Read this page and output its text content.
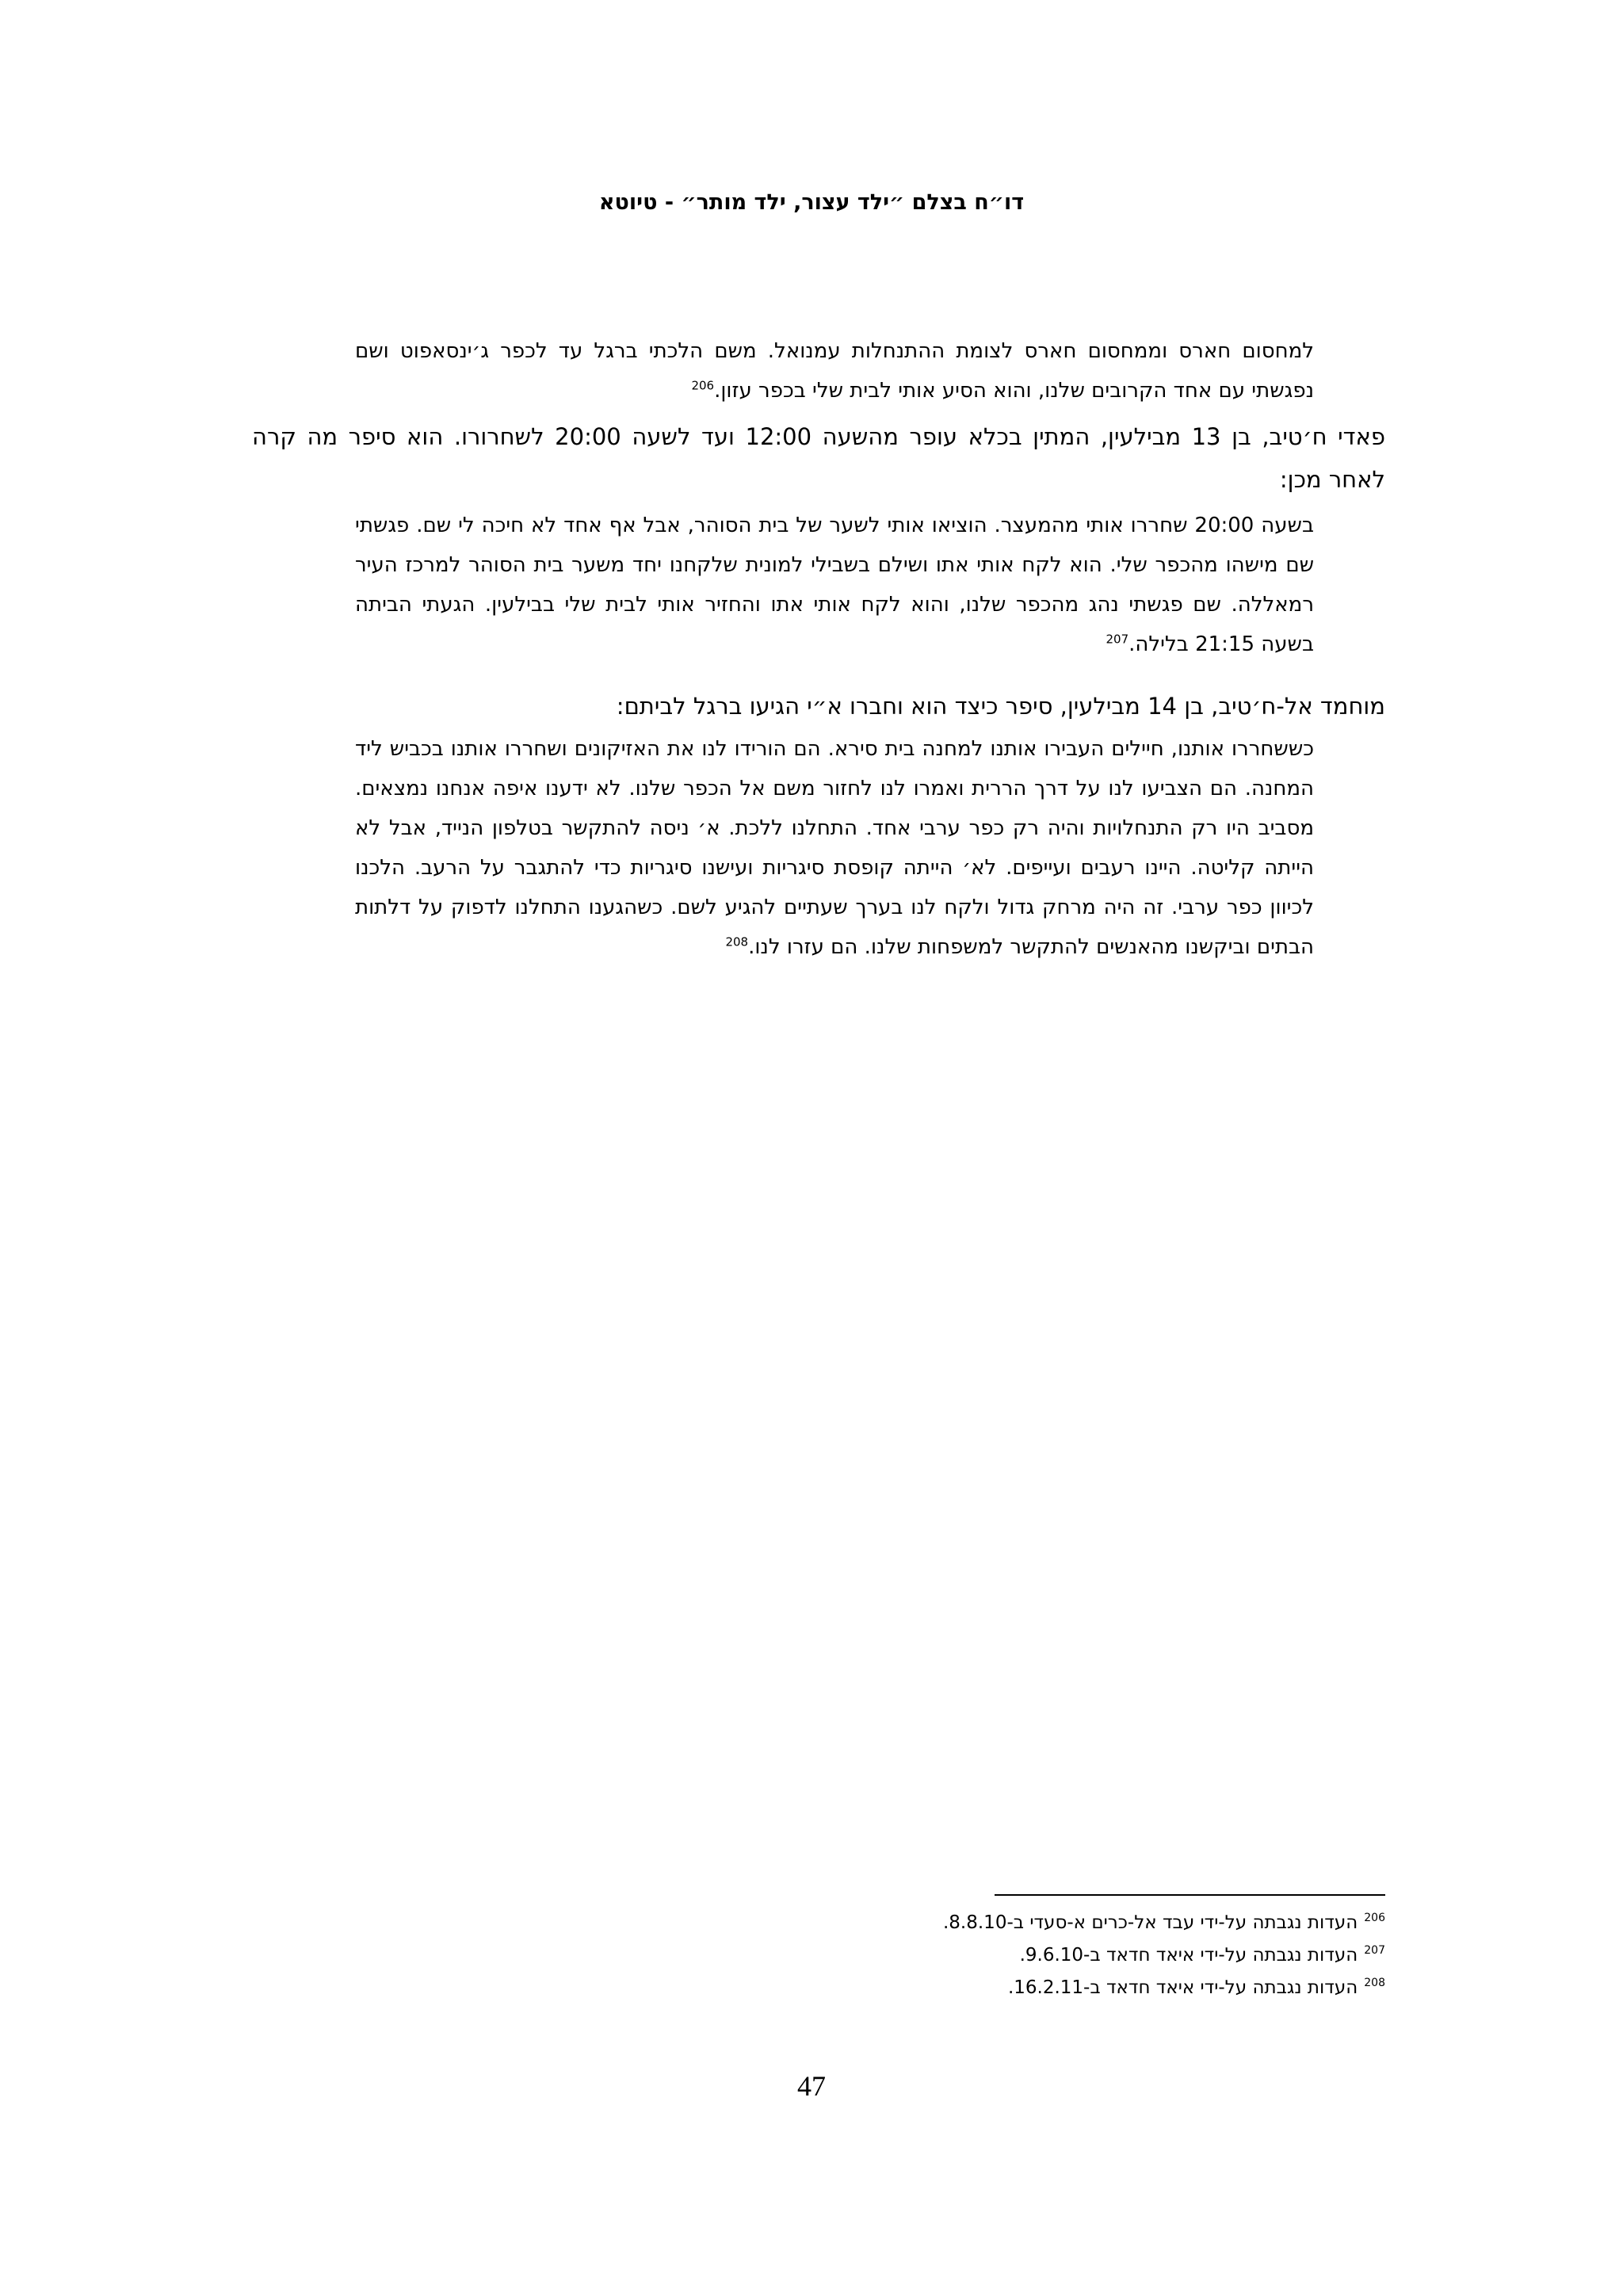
דו״ח בצלם ״ילד עצור, ילד מותר״ - טיוטא
למחסום חארס וממחסום חארס לצומת ההתנחלות עמנואל. משם הלכתי ברגל עד לכפר ג׳ינסאפוט ושם נפגשתי עם אחד הקרובים שלנו, והוא הסיע אותי לבית שלי בכפר עזון.$^{206}$
פאדי ח׳טיב, בן 13 מבילעין, המתין בכלא עופר מהשעה 12:00 ועד לשעה 20:00 לשחרורו. הוא סיפר מה קרה לאחר מכן:
בשעה 20:00 שחררו אותי מהמעצר. הוציאו אותי לשער של בית הסוהר, אבל אף אחד לא חיכה לי שם. פגשתי שם מישהו מהכפר שלי. הוא לקח אותי אתו ושילם בשבילי למונית שלקחנו יחד משער בית הסוהר למרכז העיר רמאללה. שם פגשתי נהג מהכפר שלנו, והוא לקח אותי אתו והחזיר אותי לבית שלי בבילעין. הגעתי הביתה בשעה 21:15 בלילה.$^{207}$
מוחמד אל-ח׳טיב, בן 14 מבילעין, סיפר כיצד הוא וחברו א״י הגיעו ברגל לביתם:
כששחררו אותנו, חיילים העבירו אותנו למחנה בית סירא. הם הורידו לנו את האזיקונים ושחררו אותנו בכביש ליד המחנה. הם הצביעו לנו על דרך הררית ואמרו לנו לחזור משם אל הכפר שלנו. לא ידענו איפה אנחנו נמצאים. מסביב היו רק התנחלויות והיה רק כפר ערבי אחד. התחלנו ללכת. א׳ ניסה להתקשר בטלפון הנייד, אבל לא הייתה קליטה. היינו רעבים ועייפים. לא׳ הייתה קופסת סיגריות ועישנו סיגריות כדי להתגבר על הרעב. הלכנו לכיוון כפר ערבי. זה היה מרחק גדול ולקח לנו בערך שעתיים להגיע לשם. כשהגענו התחלנו לדפוק על דלתות הבתים וביקשנו מהאנשים להתקשר למשפחות שלנו. הם עזרו לנו.$^{208}$
$^{206}$העדות נגבתה על-ידי עבד אל-כרים א-סעדי ב-8.8.10.
$^{207}$העדות נגבתה על-ידי איאד חדאד ב-9.6.10.
$^{208}$העדות נגבתה על-ידי איאד חדאד ב-16.2.11.
47
